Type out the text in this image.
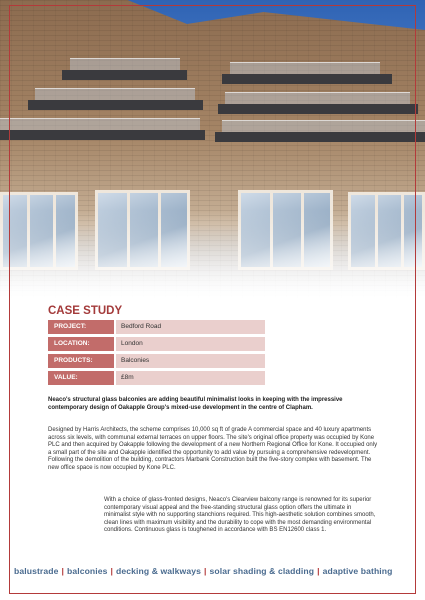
CASE STUDY
PROJECT:	Bedford Road
LOCATION:	London
PRODUCTS:	Balconies
VALUE:	£8m

Neaco's structural glass balconies are adding beautiful minimalist looks in keeping with the impressive contemporary design of Oakapple Group's mixed-use development in the centre of Clapham.

Designed by Harris Architects, the scheme comprises 10,000 sq ft of grade A commercial space and 40 luxury apartments across six levels, with communal external terraces on upper floors. The site's original office property was occupied by Kone PLC and then acquired by Oakapple following the development of a new Northern Regional Office for Kone. It occupied only a small part of the site and Oakapple identified the opportunity to add value by pursuing a comprehensive redevelopment. Following the demolition of the building, contractors Marbank Construction built the five-story complex with basement. The new office space is now occupied by Kone PLC.

With a choice of glass-fronted designs, Neaco's Clearview balcony range is renowned for its superior contemporary visual appeal and the free-standing structural glass option offers the ultimate in minimalist style with no supporting stanchions required. This high-aesthetic solution combines smooth, clean lines with maximum visibility and the durability to cope with the most demanding environmental conditions. Continuous glass is toughened in accordance with BS EN12600 class 1.

balustrade | balconies | decking & walkways | solar shading & cladding | adaptive bathing
